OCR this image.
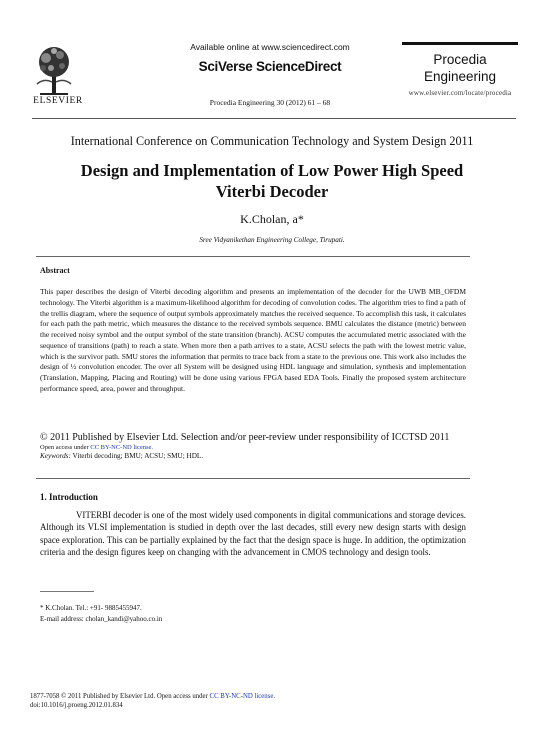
ELSEVIER
Available online at www.sciencedirect.com
SciVerse ScienceDirect
Procedia Engineering 30 (2012) 61 – 68
Procedia
Engineering
www.elsevier.com/locate/procedia
International Conference on Communication Technology and System Design 2011
Design and Implementation of Low Power High Speed
Viterbi Decoder
K.Cholan, a*
Sree Vidyanikethan Engineering College, Tirupati.
Abstract
This paper describes the design of Viterbi decoding algorithm and presents an implementation of the decoder for the UWB MB_OFDM technology. The Viterbi algorithm is a maximum-likelihood algorithm for decoding of convolution codes. The algorithm tries to find a path of the trellis diagram, where the sequence of output symbols approximately matches the received sequence. To accomplish this task, it calculates for each path the path metric, which measures the distance to the received symbols sequence. BMU calculates the distance (metric) between the received noisy symbol and the output symbol of the state transition (branch). ACSU computes the accumulated metric associated with the sequence of transitions (path) to reach a state. When more then a path arrives to a state, ACSU selects the path with the lowest metric value, which is the survivor path. SMU stores the information that permits to trace back from a state to the previous one. This work also includes the design of ½ convolution encoder. The over all System will be designed using HDL language and simulation, synthesis and implementation (Translation, Mapping, Placing and Routing) will be done using various FPGA based EDA Tools. Finally the proposed system architecture performance speed, area, power and throughput.
© 2011 Published by Elsevier Ltd. Selection and/or peer-review under responsibility of ICCTSD 2011
Open access under CC BY-NC-ND license.
Keywords: Viterbi decoding; BMU; ACSU; SMU; HDL.
1. Introduction
VITERBI decoder is one of the most widely used components in digital communications and storage devices. Although its VLSI implementation is studied in depth over the last decades, still every new design starts with design space exploration. This can be partially explained by the fact that the design space is huge. In addition, the optimization criteria and the design figures keep on changing with the advancement in CMOS technology and design tools.
* K.Cholan. Tel.: +91- 9885455947.
E-mail address: cholan_kandi@yahoo.co.in
1877-7058 © 2011 Published by Elsevier Ltd. Open access under CC BY-NC-ND license.
doi:10.1016/j.proeng.2012.01.834
